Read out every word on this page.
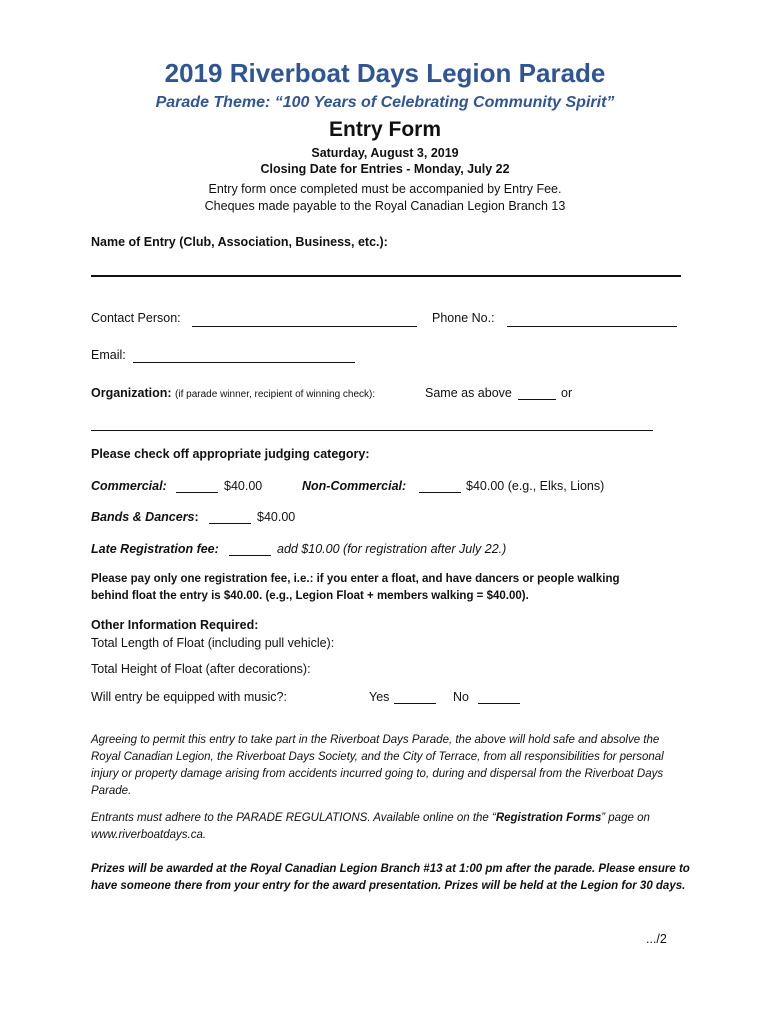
2019 Riverboat Days Legion Parade
Parade Theme: “100 Years of Celebrating Community Spirit”
Entry Form
Saturday, August 3, 2019
Closing Date for Entries - Monday, July 22
Entry form once completed must be accompanied by Entry Fee.
Cheques made payable to the Royal Canadian Legion Branch 13
Name of Entry (Club, Association, Business, etc.):
Contact Person:	Phone No.:
Email:
Organization: (if parade winner, recipient of winning check):	Same as above	or
Please check off appropriate judging category:
Commercial:	$40.00	Non-Commercial:	$40.00 (e.g., Elks, Lions)
Bands & Dancers:	$40.00
Late Registration fee:	add $10.00 (for registration after July 22.)
Please pay only one registration fee, i.e.: if you enter a float, and have dancers or people walking
behind float the entry is $40.00. (e.g., Legion Float + members walking = $40.00).
Other Information Required:
Total Length of Float (including pull vehicle):
Total Height of Float (after decorations):
Will entry be equipped with music?:	Yes	No
Agreeing to permit this entry to take part in the Riverboat Days Parade, the above will hold safe and absolve the Royal Canadian Legion, the Riverboat Days Society, and the City of Terrace, from all responsibilities for personal injury or property damage arising from accidents incurred going to, during and dispersal from the Riverboat Days Parade.
Entrants must adhere to the PARADE REGULATIONS. Available online on the “Registration Forms” page on www.riverboatdays.ca.
Prizes will be awarded at the Royal Canadian Legion Branch #13 at 1:00 pm after the parade. Please ensure to have someone there from your entry for the award presentation. Prizes will be held at the Legion for 30 days.
.../2
